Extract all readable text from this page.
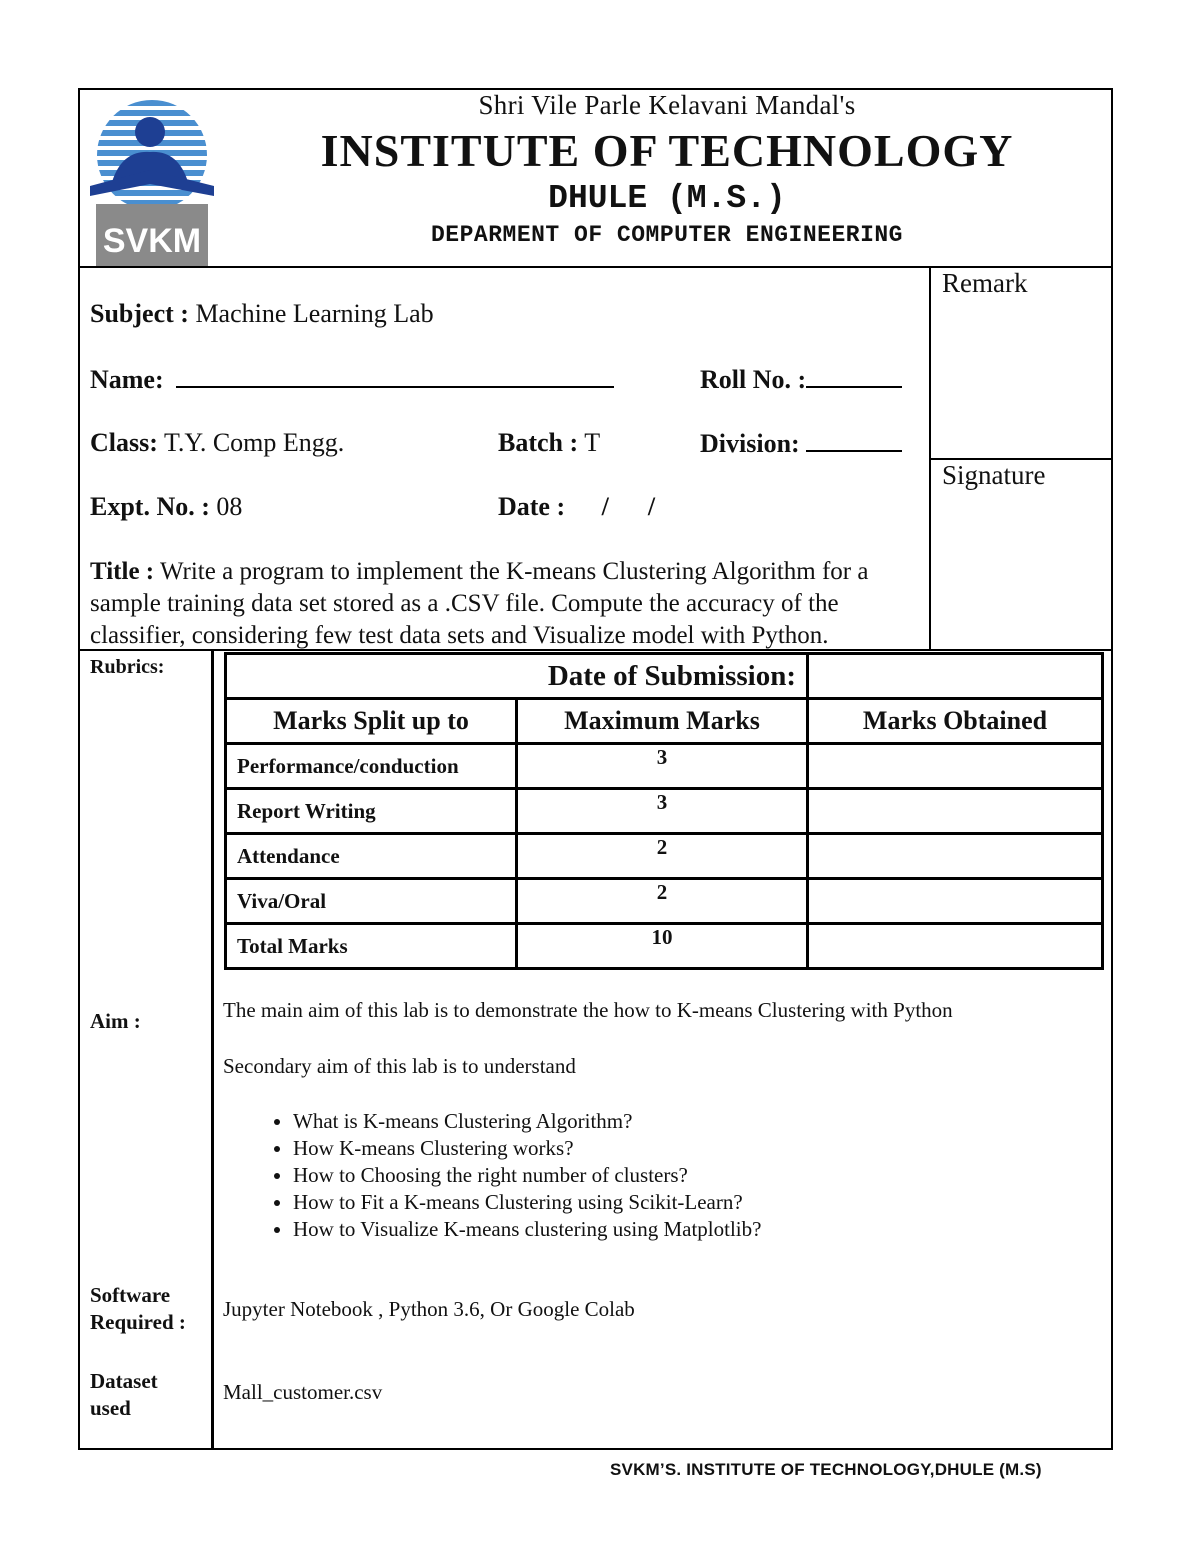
SVKM
Shri Vile Parle Kelavani Mandal's
INSTITUTE OF TECHNOLOGY
DHULE (M.S.)
DEPARMENT OF COMPUTER ENGINEERING
Remark
Signature
Subject : Machine Learning Lab
Name:	Roll No. :
Class: T.Y. Comp Engg.	Batch : T	Division:
Expt. No. : 08	Date : /      /
Title : Write a program to implement the K-means Clustering Algorithm for a sample training data set stored as a .CSV file. Compute the accuracy of the classifier, considering few test data sets and Visualize model with Python.
Rubrics:	Date of Submission:		
Marks Split up to	Maximum Marks	Marks Obtained
Performance/conduction	3	
Report Writing	3	
Attendance	2	
Viva/Oral	2	
Total Marks	10	
Aim :	The main aim of this lab is to demonstrate the how to K-means Clustering with Python
Secondary aim of this lab is to understand
• What is K-means Clustering Algorithm?
• How K-means Clustering works?
• How to Choosing the right number of clusters?
• How to Fit a K-means Clustering using Scikit-Learn?
• How to Visualize K-means clustering using Matplotlib?
Software
Required :
Jupyter Notebook , Python 3.6, Or Google Colab
Dataset
used
Mall_customer.csv
SVKM’S. INSTITUTE OF TECHNOLOGY,DHULE (M.S)
